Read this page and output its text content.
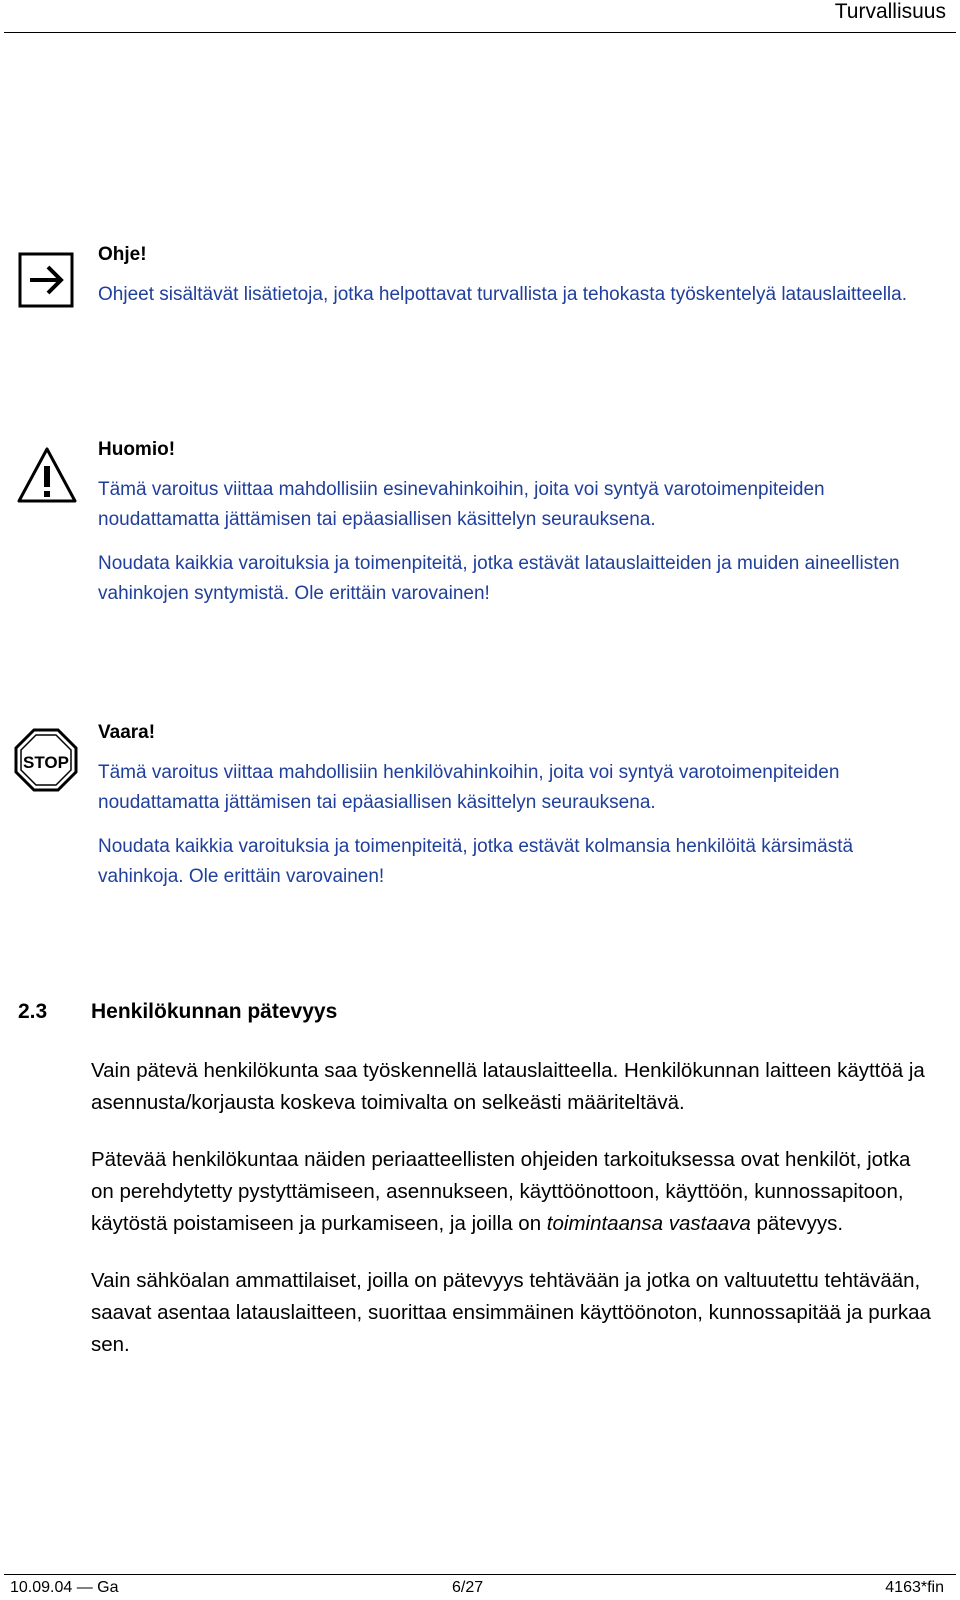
Turvallisuus
Ohje!

Ohjeet sisältävät lisätietoja, jotka helpottavat turvallista ja tehokasta työskentelyä latauslaitteella.

Huomio!

Tämä varoitus viittaa mahdollisiin esinevahinkoihin, joita voi syntyä varotoimenpiteiden noudattamatta jättämisen tai epäasiallisen käsittelyn seurauksena.

Noudata kaikkia varoituksia ja toimenpiteitä, jotka estävät latauslaitteiden ja muiden aineellisten vahinkojen syntymistä. Ole erittäin varovainen!

STOP
Vaara!

Tämä varoitus viittaa mahdollisiin henkilövahinkoihin, joita voi syntyä varotoimenpiteiden noudattamatta jättämisen tai epäasiallisen käsittelyn seurauksena.

Noudata kaikkia varoituksia ja toimenpiteitä, jotka estävät kolmansia henkilöitä kärsimästä vahinkoja. Ole erittäin varovainen!

2.3 Henkilökunnan pätevyys

Vain pätevä henkilökunta saa työskennellä latauslaitteella. Henkilökunnan laitteen käyttöä ja asennusta/korjausta koskeva toimivalta on selkeästi määriteltävä.

Pätevää henkilökuntaa näiden periaatteellisten ohjeiden tarkoituksessa ovat henkilöt, jotka on perehdytetty pystyttämiseen, asennukseen, käyttöönottoon, käyttöön, kunnossapitoon, käytöstä poistamiseen ja purkamiseen, ja joilla on toimintaansa vastaava pätevyys.

Vain sähköalan ammattilaiset, joilla on pätevyys tehtävään ja jotka on valtuutettu tehtävään, saavat asentaa latauslaitteen, suorittaa ensimmäinen käyttöönoton, kunnossapitää ja purkaa sen.

10.09.04 — Ga	6/27	4163*fin
